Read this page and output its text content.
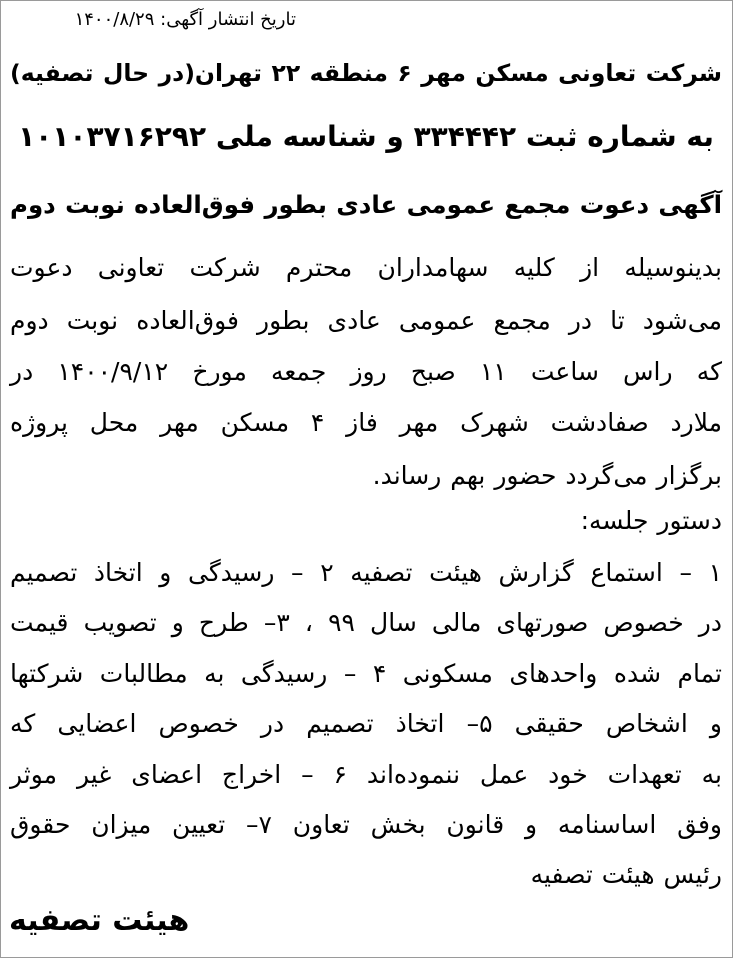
تاریخ انتشار آگهی: ۱۴۰۰/۸/۲۹
شرکت تعاونی مسکن مهر ۶ منطقه ۲۲ تهران(در حال تصفیه)
به شماره ثبت ۳۳۴۴۴۲ و شناسه ملی ۱۰۱۰۳۷۱۶۲۹۲
آگهی دعوت مجمع عمومی عادی بطور فوق‌العاده نوبت دوم
بدینوسیله از کلیه سهامداران محترم شرکت تعاونی دعوت
می‌شود تا در مجمع عمومی عادی بطور فوق‌العاده نوبت دوم
که راس ساعت ۱۱ صبح روز جمعه مورخ ۱۴۰۰/۹/۱۲ در
ملارد صفادشت شهرک مهر فاز ۴ مسکن مهر محل پروژه
برگزار می‌گردد حضور بهم رساند.
دستور جلسه:
۱ – استماع گزارش هیئت تصفیه ۲ – رسیدگی و اتخاذ تصمیم
در خصوص صورتهای مالی سال ۹۹ ، ۳– طرح و تصویب قیمت
تمام شده واحدهای مسکونی ۴ – رسیدگی به مطالبات شرکتها
و اشخاص حقیقی ۵– اتخاذ تصمیم در خصوص اعضایی که
به تعهدات خود عمل ننموده‌اند ۶ – اخراج اعضای غیر موثر
وفق اساسنامه و قانون بخش تعاون ۷– تعیین میزان حقوق
رئیس هیئت تصفیه
هیئت تصفیه
